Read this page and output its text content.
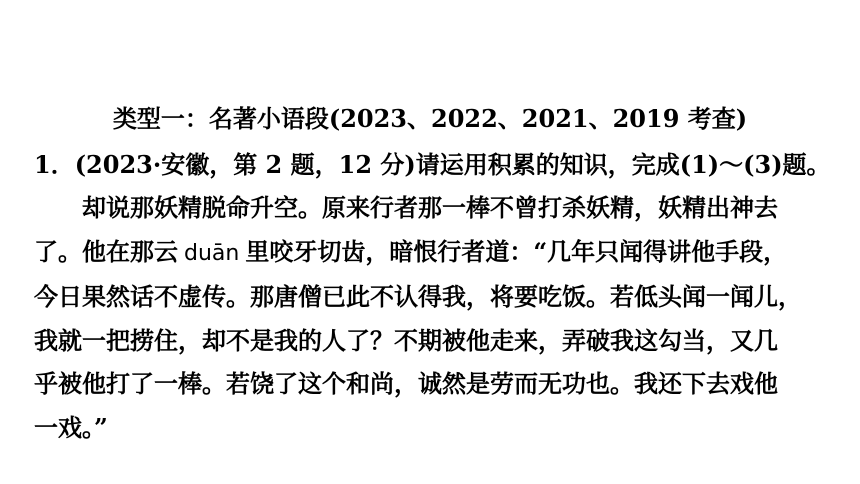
类型一：名著小语段(2023、2022、2021、2019 考查)
1．(2023·安徽，第 2 题，12 分)请运用积累的知识，完成(1)～(3)题。
却说那妖精脱命升空。原来行者那一棒不曾打杀妖精，妖精出神去
了。他在那云 duān 里咬牙切齿，暗恨行者道：“几年只闻得讲他手段，
今日果然话不虚传。那唐僧已此不认得我，将要吃饭。若低头闻一闻儿，
我就一把捞住，却不是我的人了？不期被他走来，弄破我这勾当，又几
乎被他打了一棒。若饶了这个和尚，诚然是劳而无功也。我还下去戏他
一戏。”
